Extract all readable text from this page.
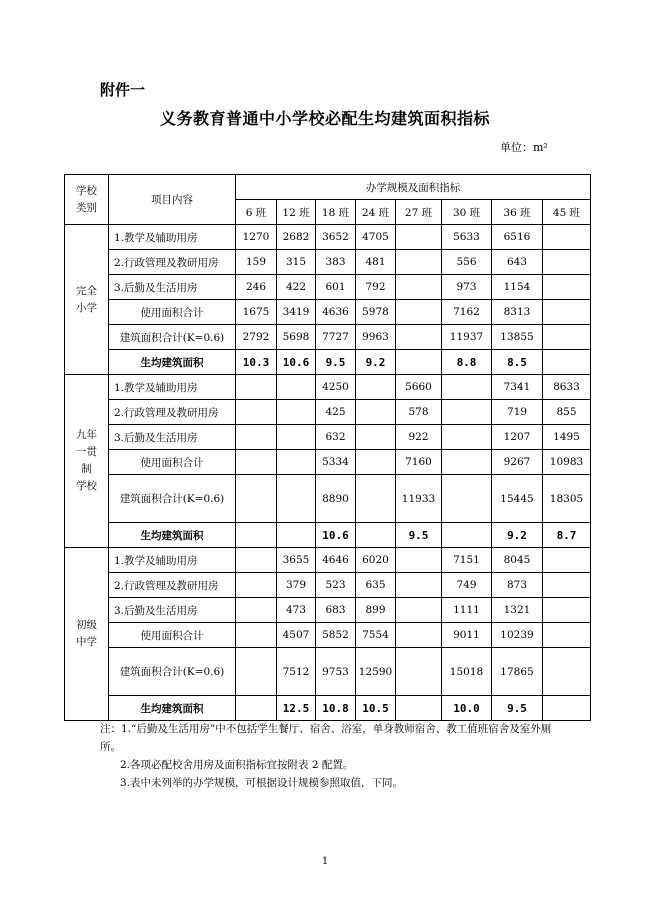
附件一
义务教育普通中小学校必配生均建筑面积指标
单位：m²
学校
类别	项目内容	办学规模及面积指标							
		6 班	12 班	18 班	24 班	27 班	30 班	36 班	45 班
完全
小学	1.教学及辅助用房	1270	2682	3652	4705		5633	6516	
	2.行政管理及教研用房	159	315	383	481		556	643	
	3.后勤及生活用房	246	422	601	792		973	1154	
	使用面积合计	1675	3419	4636	5978		7162	8313	
	建筑面积合计(K=0.6)	2792	5698	7727	9963		11937	13855	
	生均建筑面积	10.3	10.6	9.5	9.2		8.8	8.5	
九年
一贯
制
学校	1.教学及辅助用房			4250		5660		7341	8633
	2.行政管理及教研用房			425		578		719	855
	3.后勤及生活用房			632		922		1207	1495
	使用面积合计			5334		7160		9267	10983
	建筑面积合计(K=0.6)			8890		11933		15445	18305
	生均建筑面积			10.6		9.5		9.2	8.7
初级
中学	1.教学及辅助用房		3655	4646	6020		7151	8045	
	2.行政管理及教研用房		379	523	635		749	873	
	3.后勤及生活用房		473	683	899		1111	1321	
	使用面积合计		4507	5852	7554		9011	10239	
	建筑面积合计(K=0.6)		7512	9753	12590		15018	17865	
	生均建筑面积		12.5	10.8	10.5		10.0	9.5	
注：1.“后勤及生活用房”中不包括学生餐厅、宿舍、浴室，单身教师宿舍、教工值班宿舍及室外厕所。
2.各项必配校舍用房及面积指标宜按附表 2 配置。
3.表中未列举的办学规模，可根据设计规模参照取值，下同。
1
